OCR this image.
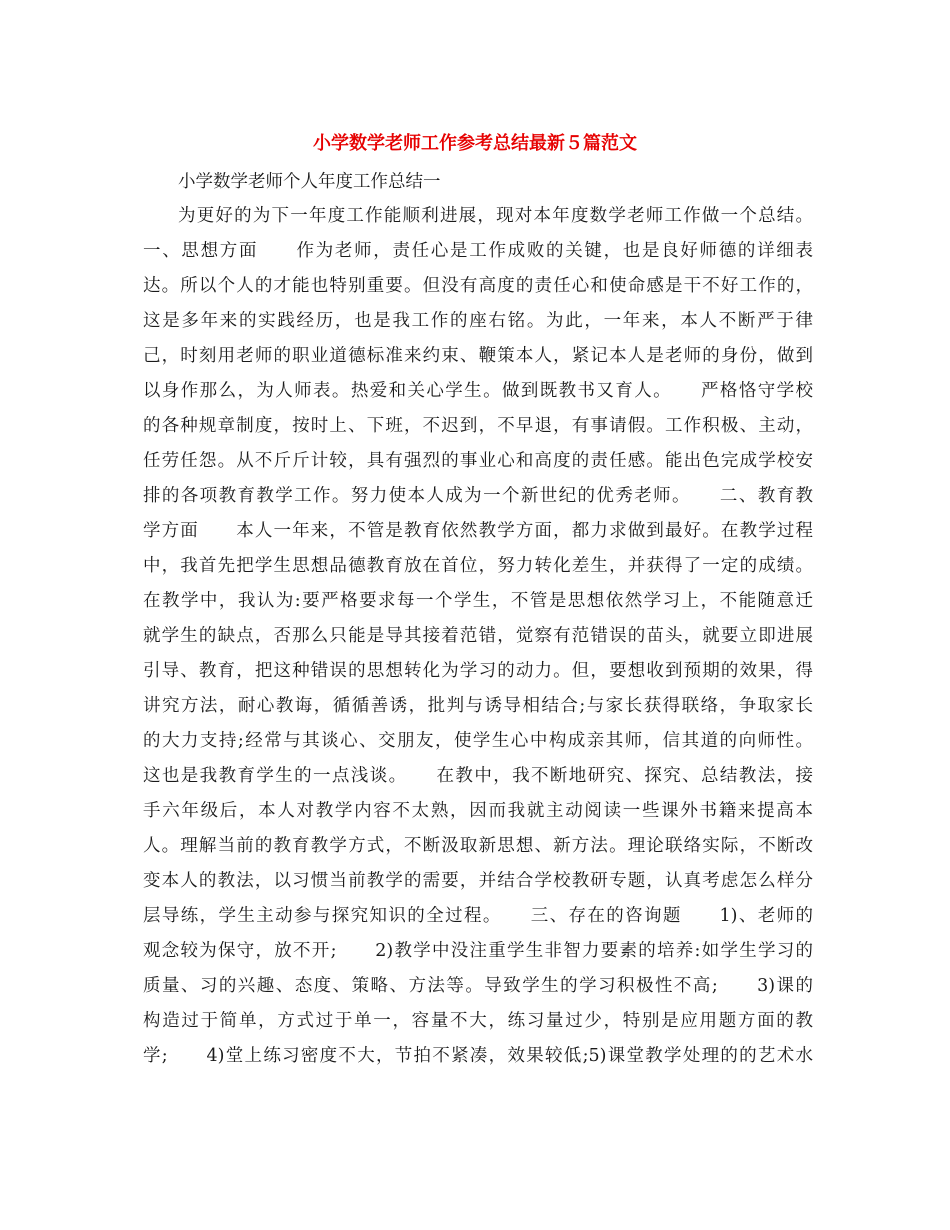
小学数学老师工作参考总结最新５篇范文
小学数学老师个人年度工作总结一
为更好的为下一年度工作能顺利进展，现对本年度数学老师工作做一个总结。
一、思想方面　　作为老师，责任心是工作成败的关键，也是良好师德的详细表
达。所以个人的才能也特别重要。但没有高度的责任心和使命感是干不好工作的，
这是多年来的实践经历，也是我工作的座右铭。为此，一年来，本人不断严于律
己，时刻用老师的职业道德标准来约束、鞭策本人，紧记本人是老师的身份，做到
以身作那么，为人师表。热爱和关心学生。做到既教书又育人。　　严格恪守学校
的各种规章制度，按时上、下班，不迟到，不早退，有事请假。工作积极、主动，
任劳任怨。从不斤斤计较，具有强烈的事业心和高度的责任感。能出色完成学校安
排的各项教育教学工作。努力使本人成为一个新世纪的优秀老师。　　二、教育教
学方面　　本人一年来，不管是教育依然教学方面，都力求做到最好。在教学过程
中，我首先把学生思想品德教育放在首位，努力转化差生，并获得了一定的成绩。
在教学中，我认为:要严格要求每一个学生，不管是思想依然学习上，不能随意迁
就学生的缺点，否那么只能是导其接着范错，觉察有范错误的苗头，就要立即进展
引导、教育，把这种错误的思想转化为学习的动力。但，要想收到预期的效果，得
讲究方法，耐心教诲，循循善诱，批判与诱导相结合;与家长获得联络，争取家长
的大力支持;经常与其谈心、交朋友，使学生心中构成亲其师，信其道的向师性。
这也是我教育学生的一点浅谈。　　在教中，我不断地研究、探究、总结教法，接
手六年级后，本人对教学内容不太熟，因而我就主动阅读一些课外书籍来提高本
人。理解当前的教育教学方式，不断汲取新思想、新方法。理论联络实际，不断改
变本人的教法，以习惯当前教学的需要，并结合学校教研专题，认真考虑怎么样分
层导练，学生主动参与探究知识的全过程。　　三、存在的咨询题　　1)、老师的
观念较为保守，放不开;　　2)教学中没注重学生非智力要素的培养:如学生学习的
质量、习的兴趣、态度、策略、方法等。导致学生的学习积极性不高;　　3)课的
构造过于简单，方式过于单一，容量不大，练习量过少，特别是应用题方面的教
学;　　4)堂上练习密度不大，节拍不紧凑，效果较低;5)课堂教学处理的的艺术水
